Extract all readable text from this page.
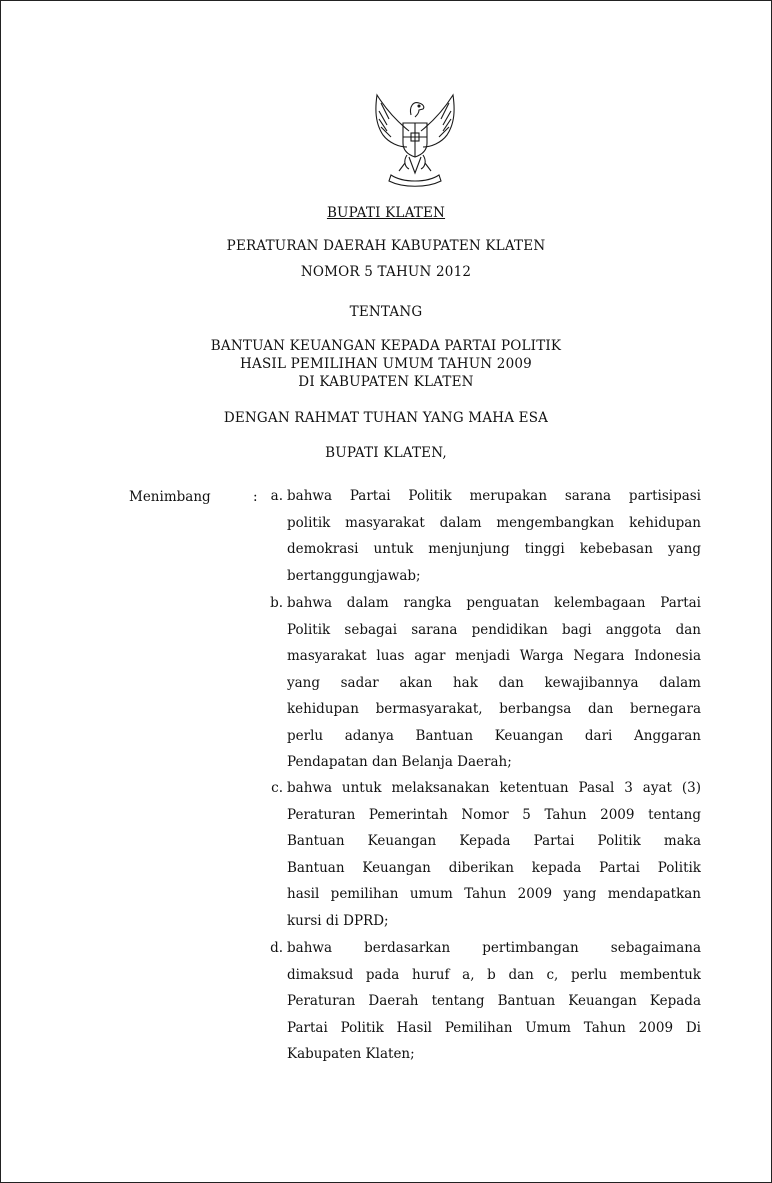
BUPATI KLATEN
PERATURAN DAERAH KABUPATEN KLATEN
NOMOR 5 TAHUN 2012
TENTANG
BANTUAN KEUANGAN KEPADA PARTAI POLITIK
HASIL PEMILIHAN UMUM TAHUN 2009
DI KABUPATEN KLATEN
DENGAN RAHMAT TUHAN YANG MAHA ESA
BUPATI KLATEN,
Menimbang	: a. bahwa Partai Politik merupakan sarana partisipasi
politik masyarakat dalam mengembangkan kehidupan
demokrasi untuk menjunjung tinggi kebebasan yang
bertanggungjawab;
b. bahwa dalam rangka penguatan kelembagaan Partai
Politik sebagai sarana pendidikan bagi anggota dan
masyarakat luas agar menjadi Warga Negara Indonesia
yang sadar akan hak dan kewajibannya dalam
kehidupan bermasyarakat, berbangsa dan bernegara
perlu adanya Bantuan Keuangan dari Anggaran
Pendapatan dan Belanja Daerah;
c. bahwa untuk melaksanakan ketentuan Pasal 3 ayat (3)
Peraturan Pemerintah Nomor 5 Tahun 2009 tentang
Bantuan Keuangan Kepada Partai Politik maka
Bantuan Keuangan diberikan kepada Partai Politik
hasil pemilihan umum Tahun 2009 yang mendapatkan
kursi di DPRD;
d. bahwa berdasarkan pertimbangan sebagaimana
dimaksud pada huruf a, b dan c, perlu membentuk
Peraturan Daerah tentang Bantuan Keuangan Kepada
Partai Politik Hasil Pemilihan Umum Tahun 2009 Di
Kabupaten Klaten;
